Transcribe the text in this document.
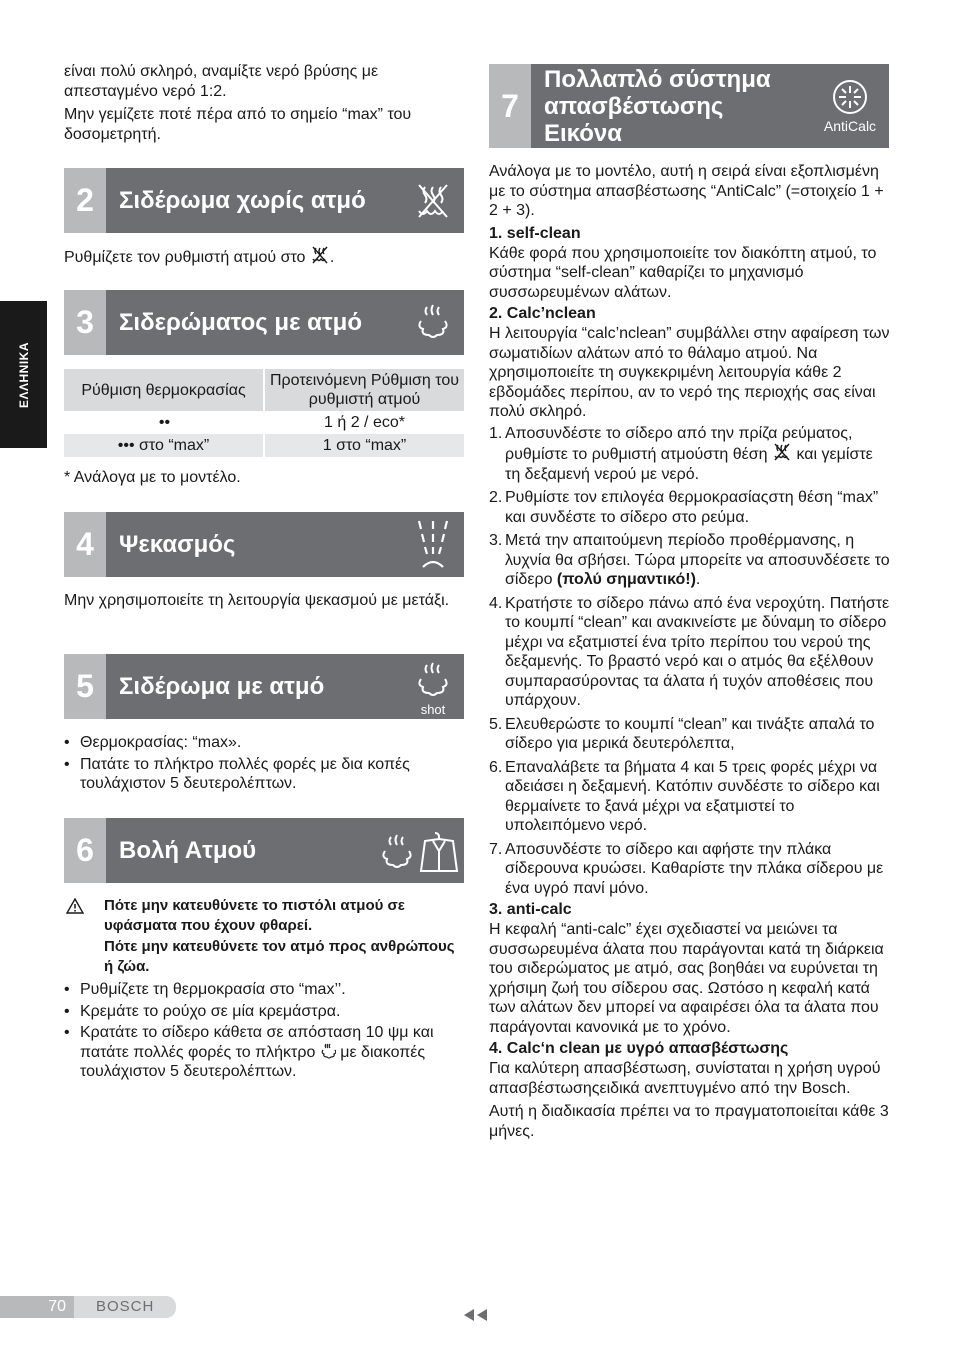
ΕΛΛΗΝΙΚΑ

είναι πολύ σκληρό, αναμίξτε νερό βρύσης με απεσταγμένο νερό 1:2.

Μην γεμίζετε ποτέ πέρα από το σημείο “max” του δοσομετρητή.

2	Σιδέρωμα χωρίς ατμό

Ρυθμίζετε τον ρυθμιστή ατμού στο .

3	Σιδερώματος με ατμό
Ρύθμιση θερμοκρασίας	Προτεινόμενη Ρύθμιση του ρυθμιστή ατμού
••	1 ή 2 / eco*
••• στο “max”	1 στο “max”

* Ανάλογα με το μοντέλο.

4	Ψεκασμός

Μην χρησιμοποιείτε τη λειτουργία ψεκασμού με μετάξι.

5	Σιδέρωμα με ατμό
shot
• Θερμοκρασίας: “max».
• Πατάτε το πλήκτρο πολλές φορές με δια κοπές τουλάχιστον 5 δευτερολέπτων.
6	Βολή Ατμού

Πότε μην κατευθύνετε το πιστόλι ατμού σε υφάσματα που έχουν φθαρεί.

Πότε μην κατευθύνετε τον ατμό προς ανθρώπους ή ζώα.

• Ρυθμίζετε τη θερμοκρασία στο “max’’.
• Κρεμάτε το ρούχο σε μία κρεμάστρα.
• Κρατάτε το σίδερο κάθετα σε απόσταση 10 ψμ και πατάτε πολλές φορές το πλήκτρο  με διακοπές τουλάχιστον 5 δευτερολέπτων.
7
Πολλαπλό σύστημα απασβέστωσης Εικόνα	AntiCalc

Ανάλογα με το μοντέλο, αυτή η σειρά είναι εξοπλισμένη με το σύστημα απασβέστωσης “AntiCalc” (=στοιχείο 1 + 2 + 3).

1. self-clean

Κάθε φορά που χρησιμοποιείτε τον διακόπτη ατμού, το σύστημα “self-clean” καθαρίζει το μηχανισμό συσσωρευμένων αλάτων.

2. Calc’nclean

Η λειτουργία “calc’nclean” συμβάλλει στην αφαίρεση των σωματιδίων αλάτων από το θάλαμο ατμού. Να χρησιμοποιείτε τη συγκεκριμένη λειτουργία κάθε 2 εβδομάδες περίπου, αν το νερό της περιοχής σας είναι πολύ σκληρό.

1. Αποσυνδέστε το σίδερο από την πρίζα ρεύματος, ρυθμίστε το ρυθμιστή ατμούστη θέση  και γεμίστε τη δεξαμενή νερού με νερό.
2. Ρυθμίστε τον επιλογέα θερμοκρασίαςστη θέση “max” και συνδέστε το σίδερο στο ρεύμα.
3. Μετά την απαιτούμενη περίοδο προθέρμανσης, η λυχνία θα σβήσει. Τώρα μπορείτε να αποσυνδέσετε το σίδερο (πολύ σημαντικό!).
4. Κρατήστε το σίδερο πάνω από ένα νεροχύτη. Πατήστε το κουμπί “clean” και ανακινείστε με δύναμη το σίδερο μέχρι να εξατμιστεί ένα τρίτο περίπου του νερού της δεξαμενής. Το βραστό νερό και ο ατμός θα εξέλθουν συμπαρασύροντας τα άλατα ή τυχόν αποθέσεις που υπάρχουν.
5. Ελευθερώστε το κουμπί “clean” και τινάξτε απαλά το σίδερο για μερικά δευτερόλεπτα,
6. Επαναλάβετε τα βήματα 4 και 5 τρεις φορές μέχρι να αδειάσει η δεξαμενή. Κατόπιν συνδέστε το σίδερο και θερμαίνετε το ξανά μέχρι να εξατμιστεί το υπολειπόμενο νερό.
7. Αποσυνδέστε το σίδερο και αφήστε την πλάκα σίδερουνα κρυώσει. Καθαρίστε την πλάκα σίδερου με ένα υγρό πανί μόνο.
3. anti-calc

Η κεφαλή “anti-calc” έχει σχεδιαστεί να μειώνει τα συσσωρευμένα άλατα που παράγονται κατά τη διάρκεια του σιδερώματος με ατμό, σας βοηθάει να ευρύνεται τη χρήσιμη ζωή του σίδερου σας. Ωστόσο η κεφαλή κατά των αλάτων δεν μπορεί να αφαιρέσει όλα τα άλατα που παράγονται κανονικά με το χρόνο.

4. Calc‘n clean με υγρό απασβέστωσης

Για καλύτερη απασβέστωση, συνίσταται η χρήση υγρού απασβέστωσηςειδικά ανεπτυγμένο από την Bosch.

Αυτή η διαδικασία πρέπει να το πραγματοποιείται κάθε 3 μήνες.

70	BOSCH
